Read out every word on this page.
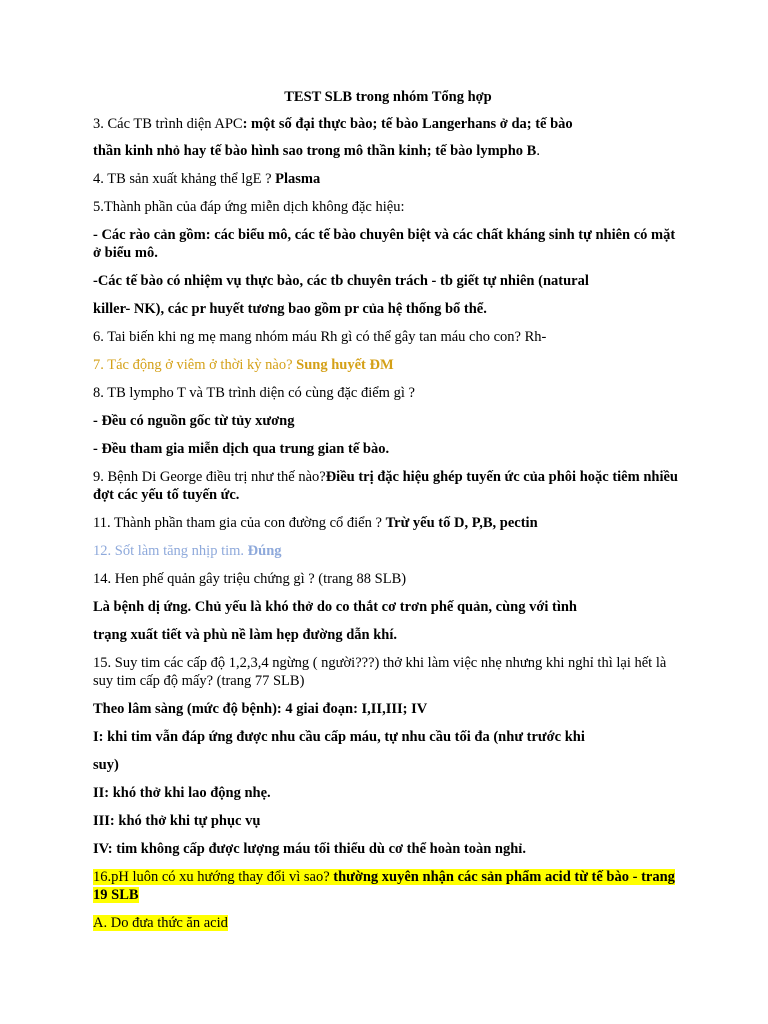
TEST SLB trong nhóm Tổng hợp

3. Các TB trình diện APC: một số đại thực bào; tế bào Langerhans ở da; tế bào

thần kinh nhỏ hay tế bào hình sao trong mô thần kinh; tế bào lympho B.

4. TB sản xuất khảng thể lgE ? Plasma

5.Thành phần của đáp ứng miễn dịch không đặc hiệu:

- Các rào cản gồm: các biểu mô, các tế bào chuyên biệt và các chất kháng sinh tự nhiên có mặt ở biểu mô.

-Các tế bào có nhiệm vụ thực bào, các tb chuyên trách - tb giết tự nhiên (natural

killer- NK), các pr huyết tương bao gồm pr của hệ thống bổ thể.

6. Tai biến khi ng mẹ mang nhóm máu Rh gì có thể gây tan máu cho con? Rh-

7. Tác động ở viêm ở thời kỳ nào? Sung huyết ĐM

8. TB lympho T và TB trình diện có cùng đặc điểm gì ?

- Đều có nguồn gốc từ tủy xương

- Đều tham gia miễn dịch qua trung gian tế bào.

9. Bệnh Di George điều trị như thế nào?Điều trị đặc hiệu ghép tuyến ức của phôi hoặc tiêm nhiều đợt các yếu tố tuyến ức.

11. Thành phần tham gia của con đường cổ điển ? Trừ yếu tố D, P,B, pectin

12. Sốt làm tăng nhịp tim. Đúng

14. Hen phế quản gây triệu chứng gì ? (trang 88 SLB)

Là bệnh dị ứng. Chủ yếu là khó thở do co thắt cơ trơn phế quản, cùng với tình

trạng xuất tiết và phù nề làm hẹp đường dẫn khí.

15. Suy tim các cấp độ 1,2,3,4 ngừng ( người???) thở khi làm việc nhẹ nhưng khi nghỉ thì lại hết là suy tim cấp độ mấy? (trang 77 SLB)

Theo lâm sàng (mức độ bệnh): 4 giai đoạn: I,II,III; IV

I: khi tim vẫn đáp ứng được nhu cầu cấp máu, tự nhu cầu tối đa (như trước khi

suy)

II: khó thở khi lao động nhẹ.

III: khó thở khi tự phục vụ

IV: tim không cấp được lượng máu tối thiểu dù cơ thể hoàn toàn nghỉ.

16.pH luôn có xu hướng thay đổi vì sao? thường xuyên nhận các sản phẩm acid từ tế bào - trang 19 SLB

A. Do đưa thức ăn acid
